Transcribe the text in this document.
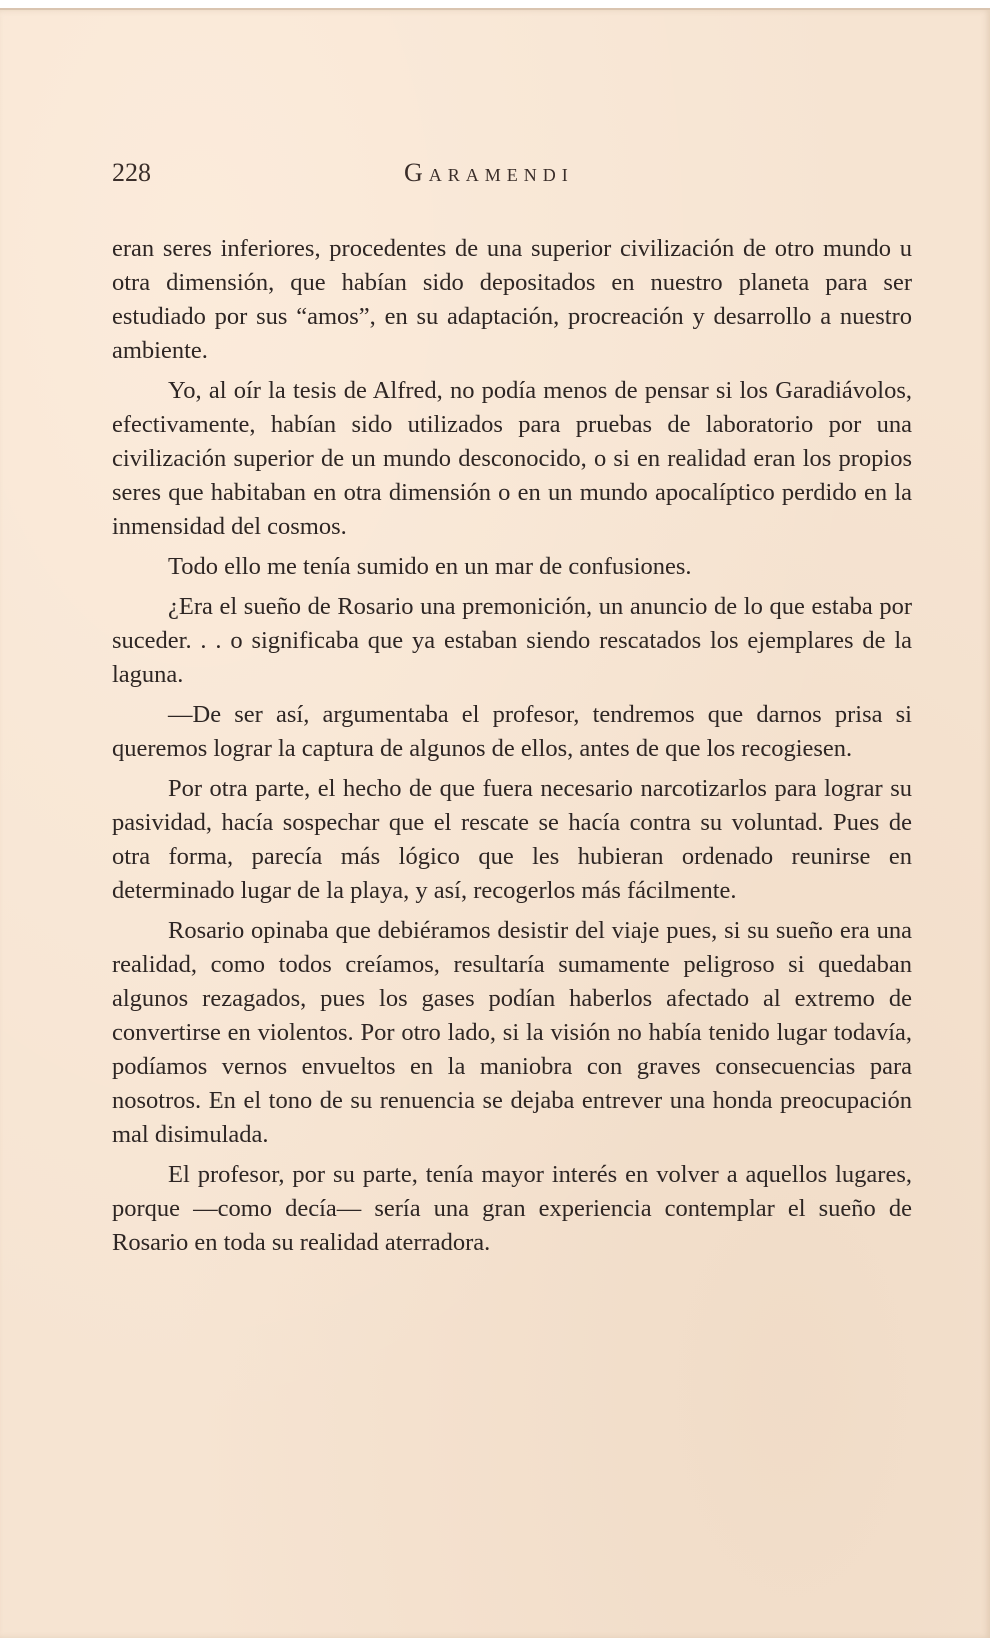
228	Garamendi

eran seres inferiores, procedentes de una superior civilización de otro mundo u otra dimensión, que habían sido depositados en nuestro planeta para ser estudiado por sus “amos”, en su adaptación, procreación y desarrollo a nuestro ambiente.

Yo, al oír la tesis de Alfred, no podía menos de pensar si los Garadiávolos, efectivamente, habían sido utilizados para pruebas de laboratorio por una civilización superior de un mundo desconocido, o si en realidad eran los propios seres que habitaban en otra dimensión o en un mundo apocalíptico perdido en la inmensidad del cosmos.

Todo ello me tenía sumido en un mar de confusiones.

¿Era el sueño de Rosario una premonición, un anuncio de lo que estaba por suceder. . . o significaba que ya estaban siendo rescatados los ejemplares de la laguna.

—De ser así, argumentaba el profesor, tendremos que darnos prisa si queremos lograr la captura de algunos de ellos, antes de que los recogiesen.

Por otra parte, el hecho de que fuera necesario narcotizarlos para lograr su pasividad, hacía sospechar que el rescate se hacía contra su voluntad. Pues de otra forma, parecía más lógico que les hubieran ordenado reunirse en determinado lugar de la playa, y así, recogerlos más fácilmente.

Rosario opinaba que debiéramos desistir del viaje pues, si su sueño era una realidad, como todos creíamos, resultaría sumamente peligroso si quedaban algunos rezagados, pues los gases podían haberlos afectado al extremo de convertirse en violentos. Por otro lado, si la visión no había tenido lugar todavía, podíamos vernos envueltos en la maniobra con graves consecuencias para nosotros. En el tono de su renuencia se dejaba entrever una honda preocupación mal disimulada.

El profesor, por su parte, tenía mayor interés en volver a aquellos lugares, porque —como decía— sería una gran experiencia contemplar el sueño de Rosario en toda su realidad aterradora.
